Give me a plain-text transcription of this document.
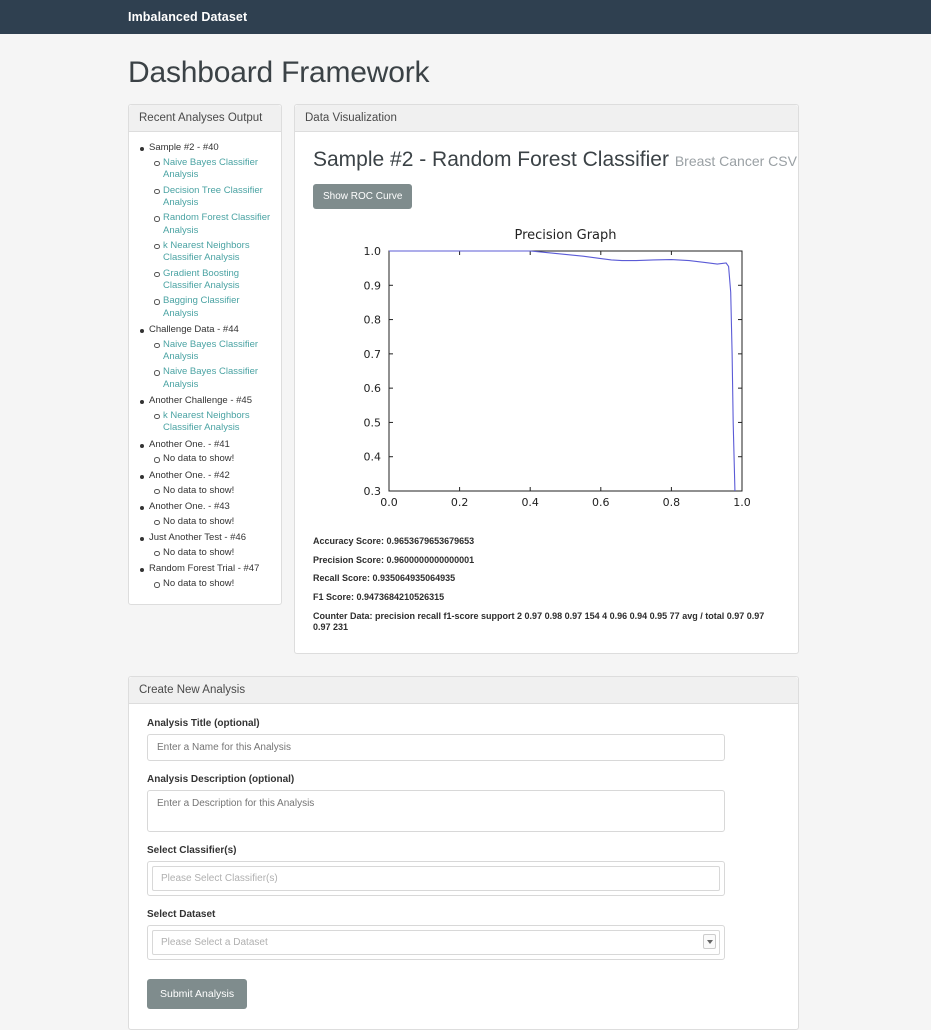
Imbalanced Dataset
Dashboard Framework
Recent Analyses Output
Sample #2 - #40
Naive Bayes Classifier Analysis
Decision Tree Classifier Analysis
Random Forest Classifier Analysis
k Nearest Neighbors Classifier Analysis
Gradient Boosting Classifier Analysis
Bagging Classifier Analysis
Challenge Data - #44
Naive Bayes Classifier Analysis
Naive Bayes Classifier Analysis
Another Challenge - #45
k Nearest Neighbors Classifier Analysis
Another One. - #41
No data to show!
Another One. - #42
No data to show!
Another One. - #43
No data to show!
Just Another Test - #46
No data to show!
Random Forest Trial - #47
No data to show!
Data Visualization
Sample #2 - Random Forest Classifier Breast Cancer CSV
Show ROC Curve
Precision Graph
0.0	0.2	0.4	0.6	0.8	1.0
0.3
0.4
0.5
0.6
0.7
0.8
0.9
1.0
Accuracy Score: 0.9653679653679653
Precision Score: 0.9600000000000001
Recall Score: 0.935064935064935
F1 Score: 0.9473684210526315
Counter Data: precision recall f1-score support 2 0.97 0.98 0.97 154 4 0.96 0.94 0.95 77 avg / total 0.97 0.97 0.97 231
Create New Analysis
Analysis Title (optional)
Enter a Name for this Analysis
Analysis Description (optional)
Enter a Description for this Analysis
Select Classifier(s)
Please Select Classifier(s)
Select Dataset
Please Select a Dataset
Submit Analysis
